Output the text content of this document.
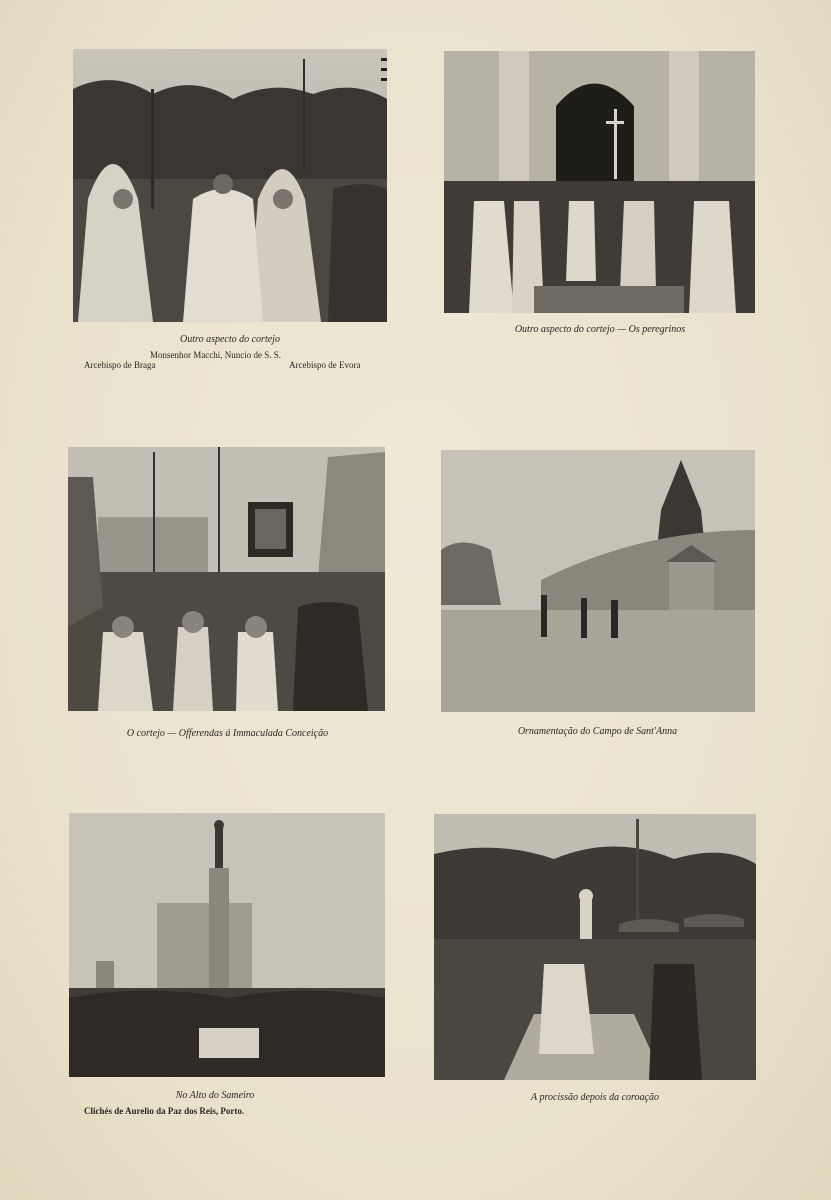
Outro aspecto do cortejo
Monsenhor Macchi, Nuncio de S. S.
Arcebispo de Braga	Arcebispo de Evora
Outro aspecto do cortejo — Os peregrinos
O cortejo — Offerendas á Immaculada Conceição	Ornamentação do Campo de Sant'Anna
No Alto do Sameiro
Clichés de Aurelio da Paz dos Reis, Porto.
A procissão depois da coroação
